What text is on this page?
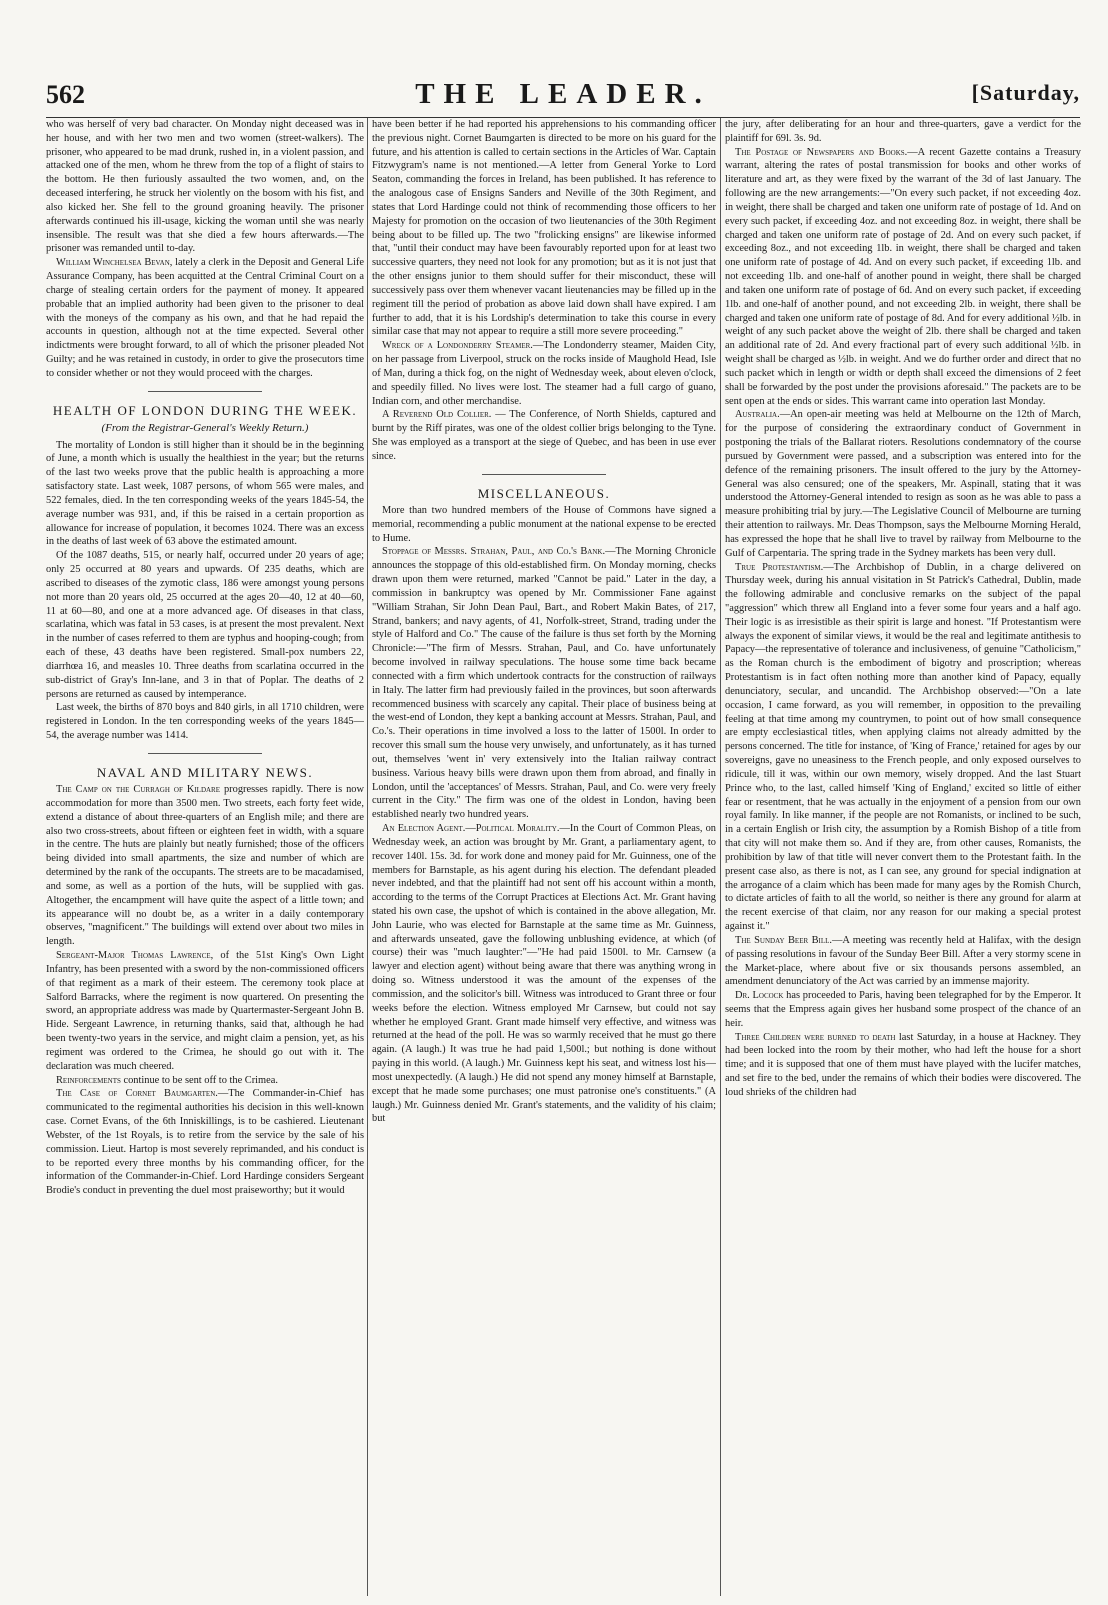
562	THE LEADER.	[Saturday,

who was herself of very bad character. On Monday night deceased was in her house, and with her two men and two women (street-walkers). The prisoner, who appeared to be mad drunk, rushed in, in a violent passion, and attacked one of the men, whom he threw from the top of a flight of stairs to the bottom. He then furiously assaulted the two women, and, on the deceased interfering, he struck her violently on the bosom with his fist, and also kicked her. She fell to the ground groaning heavily. The prisoner afterwards continued his ill-usage, kicking the woman until she was nearly insensible. The result was that she died a few hours afterwards.—The prisoner was remanded until to-day.

William Winchelsea Bevan, lately a clerk in the Deposit and General Life Assurance Company, has been acquitted at the Central Criminal Court on a charge of stealing certain orders for the payment of money. It appeared probable that an implied authority had been given to the prisoner to deal with the moneys of the company as his own, and that he had repaid the accounts in question, although not at the time expected. Several other indictments were brought forward, to all of which the prisoner pleaded Not Guilty; and he was retained in custody, in order to give the prosecutors time to consider whether or not they would proceed with the charges.

HEALTH OF LONDON DURING THE WEEK.
(From the Registrar-General's Weekly Return.)

The mortality of London is still higher than it should be in the beginning of June, a month which is usually the healthiest in the year; but the returns of the last two weeks prove that the public health is approaching a more satisfactory state. Last week, 1087 persons, of whom 565 were males, and 522 females, died. In the ten corresponding weeks of the years 1845-54, the average number was 931, and, if this be raised in a certain proportion as allowance for increase of population, it becomes 1024. There was an excess in the deaths of last week of 63 above the estimated amount.

Of the 1087 deaths, 515, or nearly half, occurred under 20 years of age; only 25 occurred at 80 years and upwards. Of 235 deaths, which are ascribed to diseases of the zymotic class, 186 were amongst young persons not more than 20 years old, 25 occurred at the ages 20—40, 12 at 40—60, 11 at 60—80, and one at a more advanced age. Of diseases in that class, scarlatina, which was fatal in 53 cases, is at present the most prevalent. Next in the number of cases referred to them are typhus and hooping-cough; from each of these, 43 deaths have been registered. Small-pox numbers 22, diarrhœa 16, and measles 10. Three deaths from scarlatina occurred in the sub-district of Gray's Inn-lane, and 3 in that of Poplar. The deaths of 2 persons are returned as caused by intemperance.

Last week, the births of 870 boys and 840 girls, in all 1710 children, were registered in London. In the ten corresponding weeks of the years 1845—54, the average number was 1414.

NAVAL AND MILITARY NEWS.

The Camp on the Curragh of Kildare progresses rapidly. There is now accommodation for more than 3500 men. Two streets, each forty feet wide, extend a distance of about three-quarters of an English mile; and there are also two cross-streets, about fifteen or eighteen feet in width, with a square in the centre. The huts are plainly but neatly furnished; those of the officers being divided into small apartments, the size and number of which are determined by the rank of the occupants. The streets are to be macadamised, and some, as well as a portion of the huts, will be supplied with gas. Altogether, the encampment will have quite the aspect of a little town; and its appearance will no doubt be, as a writer in a daily contemporary observes, "magnificent." The buildings will extend over about two miles in length.

Sergeant-Major Thomas Lawrence, of the 51st King's Own Light Infantry, has been presented with a sword by the non-commissioned officers of that regiment as a mark of their esteem. The ceremony took place at Salford Barracks, where the regiment is now quartered. On presenting the sword, an appropriate address was made by Quartermaster-Sergeant John B. Hide. Sergeant Lawrence, in returning thanks, said that, although he had been twenty-two years in the service, and might claim a pension, yet, as his regiment was ordered to the Crimea, he should go out with it. The declaration was much cheered.

Reinforcements continue to be sent off to the Crimea.

The Case of Cornet Baumgarten.—The Commander-in-Chief has communicated to the regimental authorities his decision in this well-known case. Cornet Evans, of the 6th Inniskillings, is to be cashiered. Lieutenant Webster, of the 1st Royals, is to retire from the service by the sale of his commission. Lieut. Hartop is most severely reprimanded, and his conduct is to be reported every three months by his commanding officer, for the information of the Commander-in-Chief. Lord Hardinge considers Sergeant Brodie's conduct in preventing the duel most praiseworthy; but it would

have been better if he had reported his apprehensions to his commanding officer the previous night. Cornet Baumgarten is directed to be more on his guard for the future, and his attention is called to certain sections in the Articles of War. Captain Fitzwygram's name is not mentioned.—A letter from General Yorke to Lord Seaton, commanding the forces in Ireland, has been published. It has reference to the analogous case of Ensigns Sanders and Neville of the 30th Regiment, and states that Lord Hardinge could not think of recommending those officers to her Majesty for promotion on the occasion of two lieutenancies of the 30th Regiment being about to be filled up. The two "frolicking ensigns" are likewise informed that, "until their conduct may have been favourably reported upon for at least two successive quarters, they need not look for any promotion; but as it is not just that the other ensigns junior to them should suffer for their misconduct, these will successively pass over them whenever vacant lieutenancies may be filled up in the regiment till the period of probation as above laid down shall have expired. I am further to add, that it is his Lordship's determination to take this course in every similar case that may not appear to require a still more severe proceeding."

Wreck of a Londonderry Steamer.—The Londonderry steamer, Maiden City, on her passage from Liverpool, struck on the rocks inside of Maughold Head, Isle of Man, during a thick fog, on the night of Wednesday week, about eleven o'clock, and speedily filled. No lives were lost. The steamer had a full cargo of guano, Indian corn, and other merchandise.

A Reverend Old Collier. — The Conference, of North Shields, captured and burnt by the Riff pirates, was one of the oldest collier brigs belonging to the Tyne. She was employed as a transport at the siege of Quebec, and has been in use ever since.

MISCELLANEOUS.

More than two hundred members of the House of Commons have signed a memorial, recommending a public monument at the national expense to be erected to Hume.

Stoppage of Messrs. Strahan, Paul, and Co.'s Bank.—The Morning Chronicle announces the stoppage of this old-established firm. On Monday morning, checks drawn upon them were returned, marked "Cannot be paid." Later in the day, a commission in bankruptcy was opened by Mr. Commissioner Fane against "William Strahan, Sir John Dean Paul, Bart., and Robert Makin Bates, of 217, Strand, bankers; and navy agents, of 41, Norfolk-street, Strand, trading under the style of Halford and Co." The cause of the failure is thus set forth by the Morning Chronicle:—"The firm of Messrs. Strahan, Paul, and Co. have unfortunately become involved in railway speculations. The house some time back became connected with a firm which undertook contracts for the construction of railways in Italy. The latter firm had previously failed in the provinces, but soon afterwards recommenced business with scarcely any capital. Their place of business being at the west-end of London, they kept a banking account at Messrs. Strahan, Paul, and Co.'s. Their operations in time involved a loss to the latter of 1500l. In order to recover this small sum the house very unwisely, and unfortunately, as it has turned out, themselves 'went in' very extensively into the Italian railway contract business. Various heavy bills were drawn upon them from abroad, and finally in London, until the 'acceptances' of Messrs. Strahan, Paul, and Co. were very freely current in the City." The firm was one of the oldest in London, having been established nearly two hundred years.

An Election Agent.—Political Morality.—In the Court of Common Pleas, on Wednesday week, an action was brought by Mr. Grant, a parliamentary agent, to recover 140l. 15s. 3d. for work done and money paid for Mr. Guinness, one of the members for Barnstaple, as his agent during his election. The defendant pleaded never indebted, and that the plaintiff had not sent off his account within a month, according to the terms of the Corrupt Practices at Elections Act. Mr. Grant having stated his own case, the upshot of which is contained in the above allegation, Mr. John Laurie, who was elected for Barnstaple at the same time as Mr. Guinness, and afterwards unseated, gave the following unblushing evidence, at which (of course) their was "much laughter:"—"He had paid 1500l. to Mr. Carnsew (a lawyer and election agent) without being aware that there was anything wrong in doing so. Witness understood it was the amount of the expenses of the commission, and the solicitor's bill. Witness was introduced to Grant three or four weeks before the election. Witness employed Mr Carnsew, but could not say whether he employed Grant. Grant made himself very effective, and witness was returned at the head of the poll. He was so warmly received that he must go there again. (A laugh.) It was true he had paid 1,500l.; but nothing is done without paying in this world. (A laugh.) Mr. Guinness kept his seat, and witness lost his—most unexpectedly. (A laugh.) He did not spend any money himself at Barnstaple, except that he made some purchases; one must patronise one's constituents." (A laugh.) Mr. Guinness denied Mr. Grant's statements, and the validity of his claim; but

the jury, after deliberating for an hour and three-quarters, gave a verdict for the plaintiff for 69l. 3s. 9d.

The Postage of Newspapers and Books.—A recent Gazette contains a Treasury warrant, altering the rates of postal transmission for books and other works of literature and art, as they were fixed by the warrant of the 3d of last January. The following are the new arrangements:—"On every such packet, if not exceeding 4oz. in weight, there shall be charged and taken one uniform rate of postage of 1d. And on every such packet, if exceeding 4oz. and not exceeding 8oz. in weight, there shall be charged and taken one uniform rate of postage of 2d. And on every such packet, if exceeding 8oz., and not exceeding 1lb. in weight, there shall be charged and taken one uniform rate of postage of 4d. And on every such packet, if exceeding 1lb. and not exceeding 1lb. and one-half of another pound in weight, there shall be charged and taken one uniform rate of postage of 6d. And on every such packet, if exceeding 1lb. and one-half of another pound, and not exceeding 2lb. in weight, there shall be charged and taken one uniform rate of postage of 8d. And for every additional ½lb. in weight of any such packet above the weight of 2lb. there shall be charged and taken an additional rate of 2d. And every fractional part of every such additional ½lb. in weight shall be charged as ½lb. in weight. And we do further order and direct that no such packet which in length or width or depth shall exceed the dimensions of 2 feet shall be forwarded by the post under the provisions aforesaid." The packets are to be sent open at the ends or sides. This warrant came into operation last Monday.

Australia.—An open-air meeting was held at Melbourne on the 12th of March, for the purpose of considering the extraordinary conduct of Government in postponing the trials of the Ballarat rioters. Resolutions condemnatory of the course pursued by Government were passed, and a subscription was entered into for the defence of the remaining prisoners. The insult offered to the jury by the Attorney-General was also censured; one of the speakers, Mr. Aspinall, stating that it was understood the Attorney-General intended to resign as soon as he was able to pass a measure prohibiting trial by jury.—The Legislative Council of Melbourne are turning their attention to railways. Mr. Deas Thompson, says the Melbourne Morning Herald, has expressed the hope that he shall live to travel by railway from Melbourne to the Gulf of Carpentaria. The spring trade in the Sydney markets has been very dull.

True Protestantism.—The Archbishop of Dublin, in a charge delivered on Thursday week, during his annual visitation in St Patrick's Cathedral, Dublin, made the following admirable and conclusive remarks on the subject of the papal "aggression" which threw all England into a fever some four years and a half ago. Their logic is as irresistible as their spirit is large and honest. "If Protestantism were always the exponent of similar views, it would be the real and legitimate antithesis to Papacy—the representative of tolerance and inclusiveness, of genuine "Catholicism," as the Roman church is the embodiment of bigotry and proscription; whereas Protestantism is in fact often nothing more than another kind of Papacy, equally denunciatory, secular, and uncandid. The Archbishop observed:—"On a late occasion, I came forward, as you will remember, in opposition to the prevailing feeling at that time among my countrymen, to point out of how small consequence are empty ecclesiastical titles, when applying claims not already admitted by the persons concerned. The title for instance, of 'King of France,' retained for ages by our sovereigns, gave no uneasiness to the French people, and only exposed ourselves to ridicule, till it was, within our own memory, wisely dropped. And the last Stuart Prince who, to the last, called himself 'King of England,' excited so little of either fear or resentment, that he was actually in the enjoyment of a pension from our own royal family. In like manner, if the people are not Romanists, or inclined to be such, in a certain English or Irish city, the assumption by a Romish Bishop of a title from that city will not make them so. And if they are, from other causes, Romanists, the prohibition by law of that title will never convert them to the Protestant faith. In the present case also, as there is not, as I can see, any ground for special indignation at the arrogance of a claim which has been made for many ages by the Romish Church, to dictate articles of faith to all the world, so neither is there any ground for alarm at the recent exercise of that claim, nor any reason for our making a special protest against it."

The Sunday Beer Bill.—A meeting was recently held at Halifax, with the design of passing resolutions in favour of the Sunday Beer Bill. After a very stormy scene in the Market-place, where about five or six thousands persons assembled, an amendment denunciatory of the Act was carried by an immense majority.

Dr. Locock has proceeded to Paris, having been telegraphed for by the Emperor. It seems that the Empress again gives her husband some prospect of the chance of an heir.

Three Children were burned to death last Saturday, in a house at Hackney. They had been locked into the room by their mother, who had left the house for a short time; and it is supposed that one of them must have played with the lucifer matches, and set fire to the bed, under the remains of which their bodies were discovered. The loud shrieks of the children had
